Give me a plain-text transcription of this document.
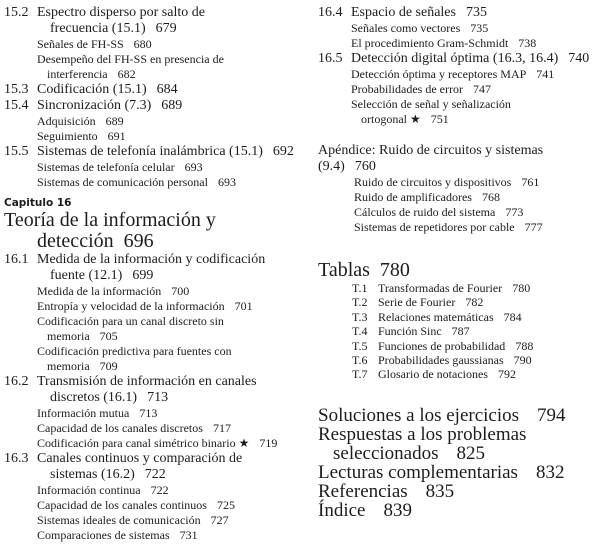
15.2 Espectro disperso por salto de
frecuencia (15.1) 679
Señales de FH-SS 680
Desempeño del FH-SS en presencia de
interferencia 682
15.3 Codificación (15.1) 684
15.4 Sincronización (7.3) 689
Adquisición 689
Seguimiento 691
15.5 Sistemas de telefonía inalámbrica (15.1) 692
Sistemas de telefonía celular 693
Sistemas de comunicación personal 693
Capitulo 16
Teoría de la información y
detección 696
16.1 Medida de la información y codificación
fuente (12.1) 699
Medida de la información 700
Entropía y velocidad de la información 701
Codificación para un canal discreto sin
memoria 705
Codificación predictiva para fuentes con
memoria 709
16.2 Transmisión de información en canales
discretos (16.1) 713
Información mutua 713
Capacidad de los canales discretos 717
Codificación para canal simétrico binario ★ 719
16.3 Canales continuos y comparación de
sistemas (16.2) 722
Información continua 722
Capacidad de los canales continuos 725
Sistemas ideales de comunicación 727
Comparaciones de sistemas 731
16.4 Espacio de señales 735
Señales como vectores 735
El procedimiento Gram-Schmidt 738
16.5 Detección digital óptima (16.3, 16.4) 740
Detección óptima y receptores MAP 741
Probabilidades de error 747
Selección de señal y señalización
ortogonal ★ 751
Apéndice: Ruido de circuitos y sistemas (9.4) 760
Ruido de circuitos y dispositivos 761
Ruido de amplificadores 768
Cálculos de ruido del sistema 773
Sistemas de repetidores por cable 777
Tablas 780
T.1 Transformadas de Fourier 780
T.2 Serie de Fourier 782
T.3 Relaciones matemáticas 784
T.4 Función Sinc 787
T.5 Funciones de probabilidad 788
T.6 Probabilidades gaussianas 790
T.7 Glosario de notaciones 792
Soluciones a los ejercicios 794
Respuestas a los problemas
seleccionados 825
Lecturas complementarias 832
Referencias 835
Índice 839
